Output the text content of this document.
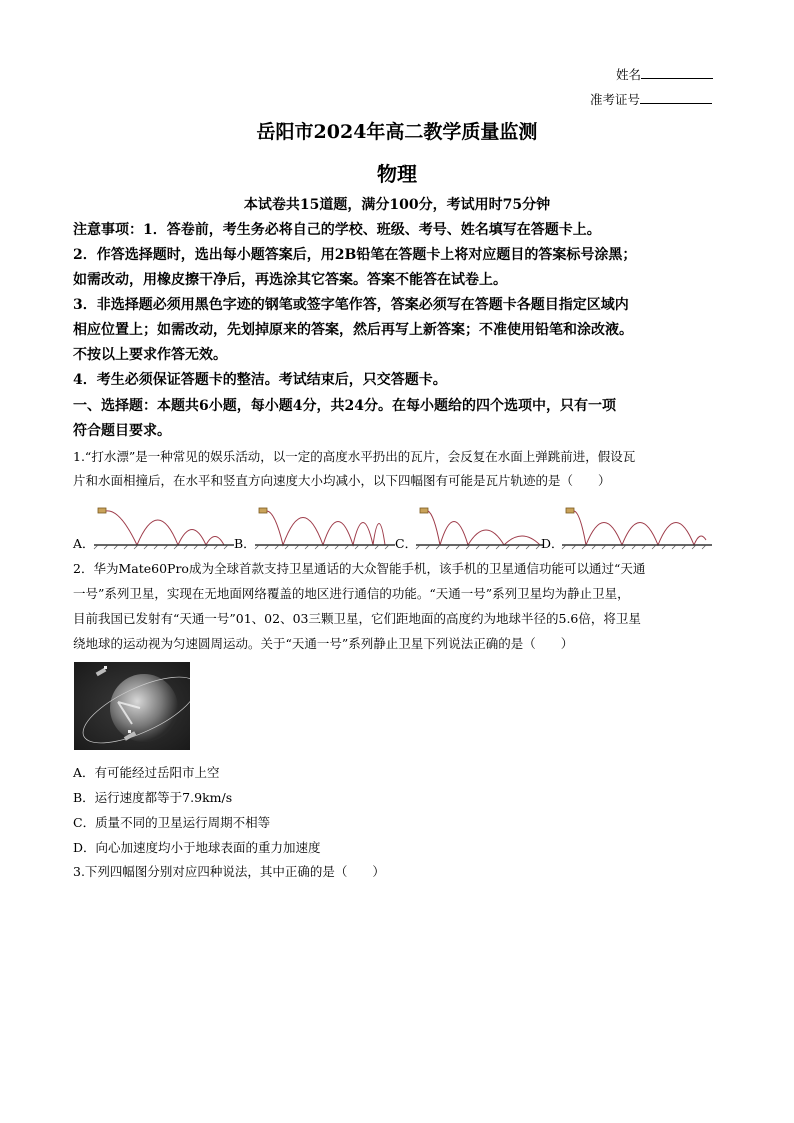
姓名
准考证号
岳阳市2024年高二教学质量监测
物理
本试卷共15道题，满分100分，考试用时75分钟
注意事项：1．答卷前，考生务必将自己的学校、班级、考号、姓名填写在答题卡上。
2．作答选择题时，选出每小题答案后，用2B铅笔在答题卡上将对应题目的答案标号涂黑；
如需改动，用橡皮擦干净后，再选涂其它答案。答案不能答在试卷上。
3．非选择题必须用黑色字迹的钢笔或签字笔作答，答案必须写在答题卡各题目指定区域内
相应位置上；如需改动，先划掉原来的答案，然后再写上新答案；不准使用铅笔和涂改液。
不按以上要求作答无效。
4．考生必须保证答题卡的整洁。考试结束后，只交答题卡。
一、选择题：本题共6小题，每小题4分，共24分。在每小题给的四个选项中，只有一项
符合题目要求。
1.“打水漂”是一种常见的娱乐活动，以一定的高度水平扔出的瓦片，会反复在水面上弹跳前进，假设瓦
片和水面相撞后，在水平和竖直方向速度大小均减小，以下四幅图有可能是瓦片轨迹的是（　　）
A．	B．	C．	D．
2．华为Mate60Pro成为全球首款支持卫星通话的大众智能手机，该手机的卫星通信功能可以通过“天通
一号”系列卫星，实现在无地面网络覆盖的地区进行通信的功能。“天通一号”系列卫星均为静止卫星，
目前我国已发射有“天通一号”01、02、03三颗卫星，它们距地面的高度约为地球半径的5.6倍，将卫星
绕地球的运动视为匀速圆周运动。关于“天通一号”系列静止卫星下列说法正确的是（　　）
A．有可能经过岳阳市上空
B．运行速度都等于7.9km/s
C．质量不同的卫星运行周期不相等
D．向心加速度均小于地球表面的重力加速度
3.下列四幅图分别对应四种说法，其中正确的是（　　）
